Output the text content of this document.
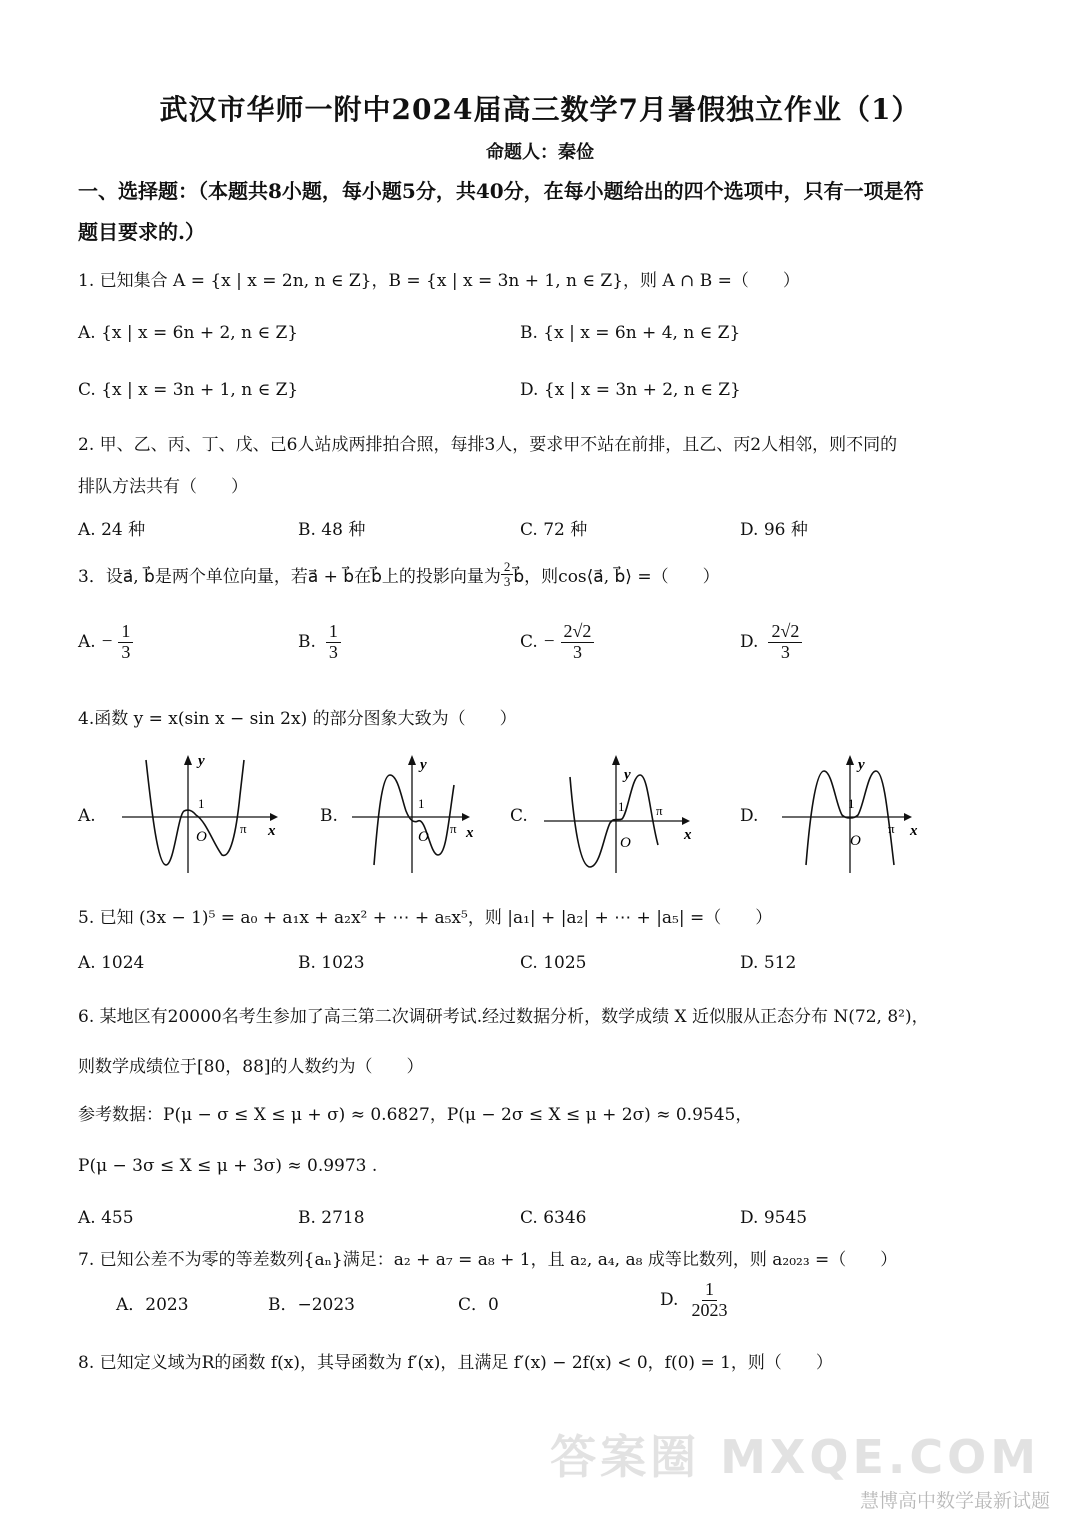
武汉市华师一附中2024届高三数学7月暑假独立作业（1）
命题人：秦俭
一、选择题：（本题共8小题，每小题5分，共40分，在每小题给出的四个选项中，只有一项是符
题目要求的.）
1. 已知集合 A = {x | x = 2n, n ∈ Z}，B = {x | x = 3n + 1, n ∈ Z}，则 A ∩ B =（　　）
A. {x | x = 6n + 2, n ∈ Z}	B. {x | x = 6n + 4, n ∈ Z}
C. {x | x = 3n + 1, n ∈ Z}	D. {x | x = 3n + 2, n ∈ Z}
2. 甲、乙、丙、丁、戊、己6人站成两排拍合照，每排3人，要求甲不站在前排，且乙、丙2人相邻，则不同的
排队方法共有（　　）
A. 24 种	B. 48 种	C. 72 种	D. 96 种
3．设a⃗, b⃗是两个单位向量，若a⃗ + b⃗在b⃗上的投影向量为 $\frac{2}{3}$ b⃗，则cos⟨a⃗, b⃗⟩ =（　　）
A. − $\frac{1}{3}$	B. $\frac{1}{3}$	C. − $\frac{2√2}{3}$	D. $\frac{2√2}{3}$
4.函数 y = x(sin x − sin 2x) 的部分图象大致为（　　）
A.
y
1
O
π x
B.
y
1
O
π x
C.
y
1
O
π
x
D.
y
1
O
π x
5. 已知 (3x − 1)⁵ = a₀ + a₁x + a₂x² + ⋯ + a₅x⁵，则 |a₁| + |a₂| + ⋯ + |a₅| =（　　）
A. 1024	B. 1023	C. 1025	D. 512
6. 某地区有20000名考生参加了高三第二次调研考试.经过数据分析，数学成绩 X 近似服从正态分布 N(72, 8²)，
则数学成绩位于[80，88]的人数约为（　　）
参考数据：P(μ − σ ≤ X ≤ μ + σ) ≈ 0.6827，P(μ − 2σ ≤ X ≤ μ + 2σ) ≈ 0.9545，
P(μ − 3σ ≤ X ≤ μ + 3σ) ≈ 0.9973 .
A. 455	B. 2718	C. 6346	D. 9545
7. 已知公差不为零的等差数列{aₙ}满足：a₂ + a₇ = a₈ + 1，且 a₂, a₄, a₈ 成等比数列，则 a₂₀₂₃ =（　　）
A．2023	B．−2023	C．0	D. $\frac{1}{2023}$
8. 已知定义域为R的函数 f(x)，其导函数为 f′(x)，且满足 f′(x) − 2f(x) < 0，f(0) = 1，则（　　）
答案圈 MXQE.COM
慧博高中数学最新试题
